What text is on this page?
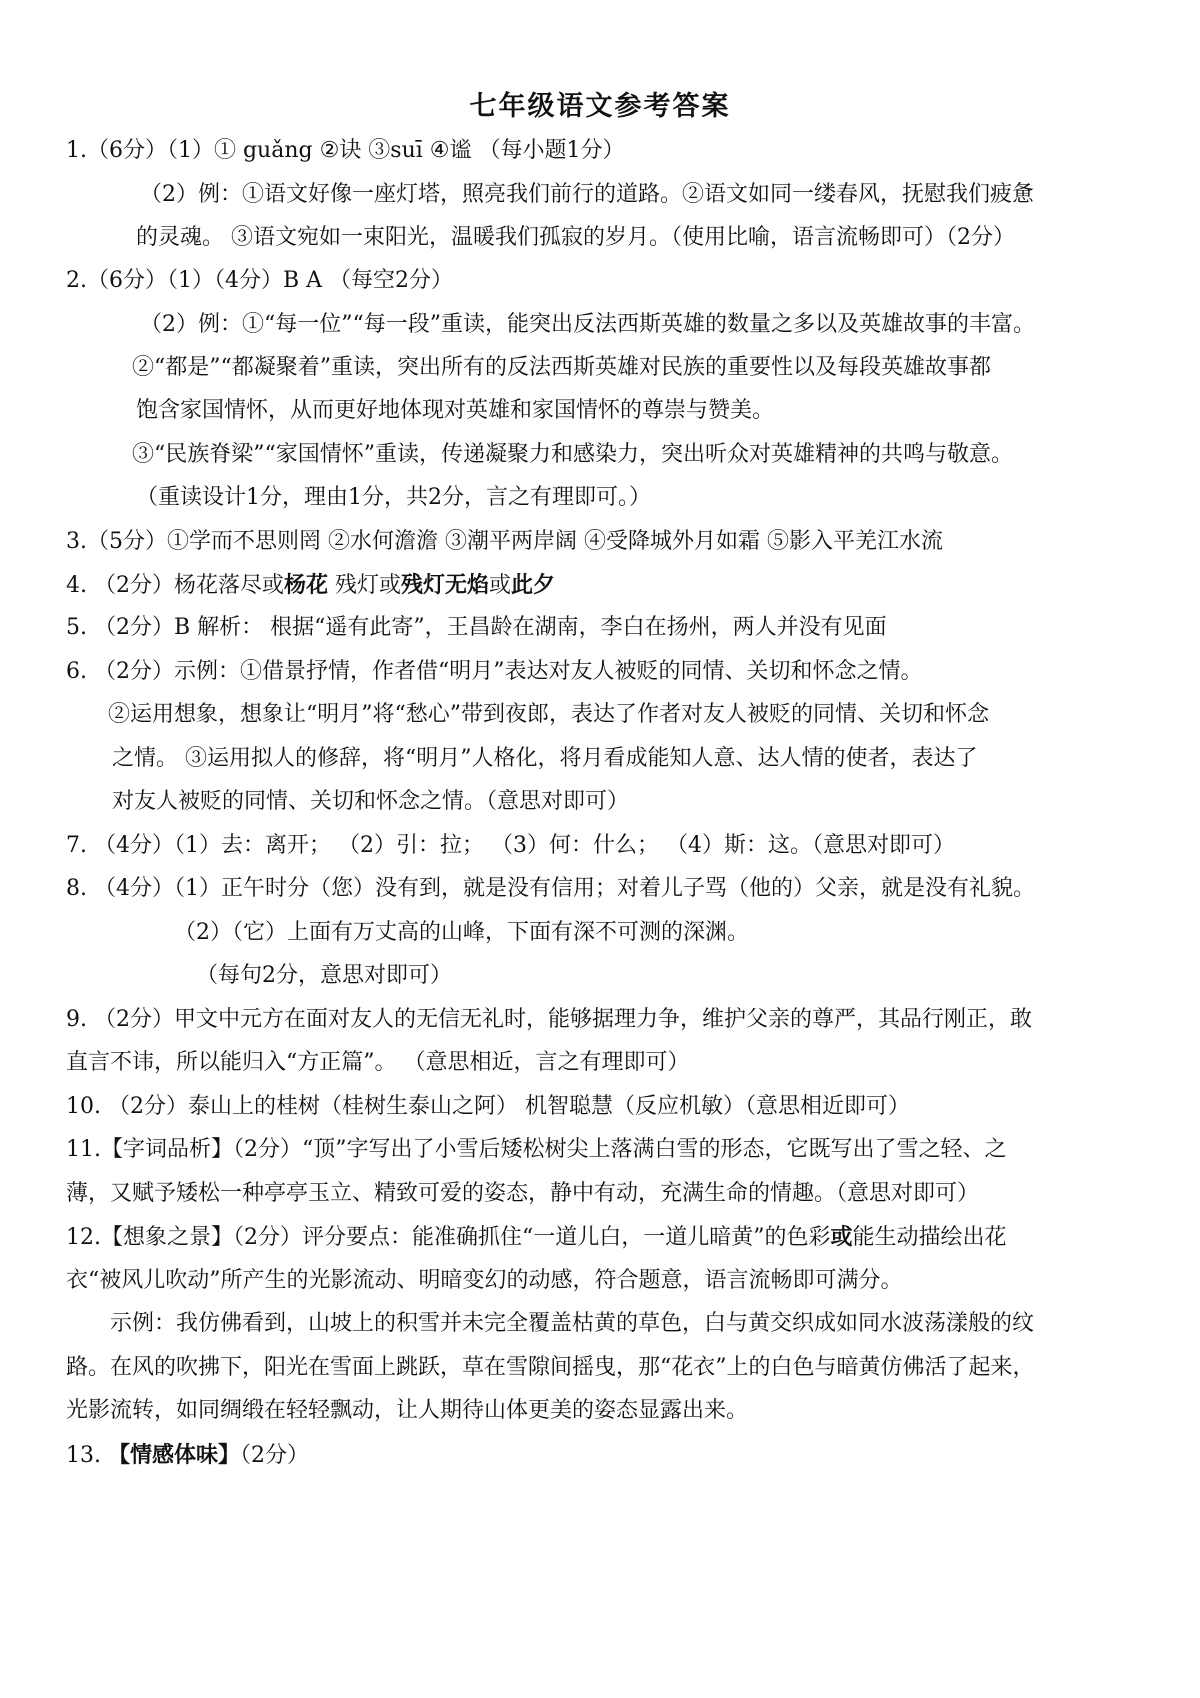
七年级语文参考答案
1.（6分）（1）① guǎng ②诀 ③suī ④谧 （每小题1分）
（2）例：①语文好像一座灯塔，照亮我们前行的道路。②语文如同一缕春风，抚慰我们疲惫
的灵魂。 ③语文宛如一束阳光，温暖我们孤寂的岁月。（使用比喻，语言流畅即可）（2分）
2.（6分）（1）（4分）B A （每空2分）
（2）例：①“每一位”“每一段”重读，能突出反法西斯英雄的数量之多以及英雄故事的丰富。
②“都是”“都凝聚着”重读，突出所有的反法西斯英雄对民族的重要性以及每段英雄故事都
饱含家国情怀，从而更好地体现对英雄和家国情怀的尊崇与赞美。
③“民族脊梁”“家国情怀”重读，传递凝聚力和感染力，突出听众对英雄精神的共鸣与敬意。
（重读设计1分，理由1分，共2分，言之有理即可。）
3.（5分）①学而不思则罔 ②水何澹澹 ③潮平两岸阔 ④受降城外月如霜 ⑤影入平羌江水流
4. （2分）杨花落尽或杨花 残灯或残灯无焰或此夕
5. （2分）B 解析： 根据“遥有此寄”，王昌龄在湖南，李白在扬州，两人并没有见面
6. （2分）示例：①借景抒情，作者借“明月”表达对友人被贬的同情、关切和怀念之情。
②运用想象，想象让“明月”将“愁心”带到夜郎，表达了作者对友人被贬的同情、关切和怀念
之情。 ③运用拟人的修辞，将“明月”人格化，将月看成能知人意、达人情的使者，表达了
对友人被贬的同情、关切和怀念之情。（意思对即可）
7. （4分）（1）去：离开； （2）引：拉； （3）何：什么； （4）斯：这。（意思对即可）
8. （4分）（1）正午时分（您）没有到，就是没有信用；对着儿子骂（他的）父亲，就是没有礼貌。
（2）（它）上面有万丈高的山峰，下面有深不可测的深渊。
（每句2分，意思对即可）
9. （2分）甲文中元方在面对友人的无信无礼时，能够据理力争，维护父亲的尊严，其品行刚正，敢
直言不讳，所以能归入“方正篇”。 （意思相近，言之有理即可）
10. （2分）泰山上的桂树（桂树生泰山之阿） 机智聪慧（反应机敏）（意思相近即可）
11.【字词品析】（2分）“顶”字写出了小雪后矮松树尖上落满白雪的形态，它既写出了雪之轻、之
薄，又赋予矮松一种亭亭玉立、精致可爱的姿态，静中有动，充满生命的情趣。（意思对即可）
12.【想象之景】（2分）评分要点：能准确抓住“一道儿白，一道儿暗黄”的色彩或能生动描绘出花
衣“被风儿吹动”所产生的光影流动、明暗变幻的动感，符合题意，语言流畅即可满分。
示例：我仿佛看到，山坡上的积雪并未完全覆盖枯黄的草色，白与黄交织成如同水波荡漾般的纹
路。在风的吹拂下，阳光在雪面上跳跃，草在雪隙间摇曳，那“花衣”上的白色与暗黄仿佛活了起来，
光影流转，如同绸缎在轻轻飘动，让人期待山体更美的姿态显露出来。
13. 【情感体味】（2分）
